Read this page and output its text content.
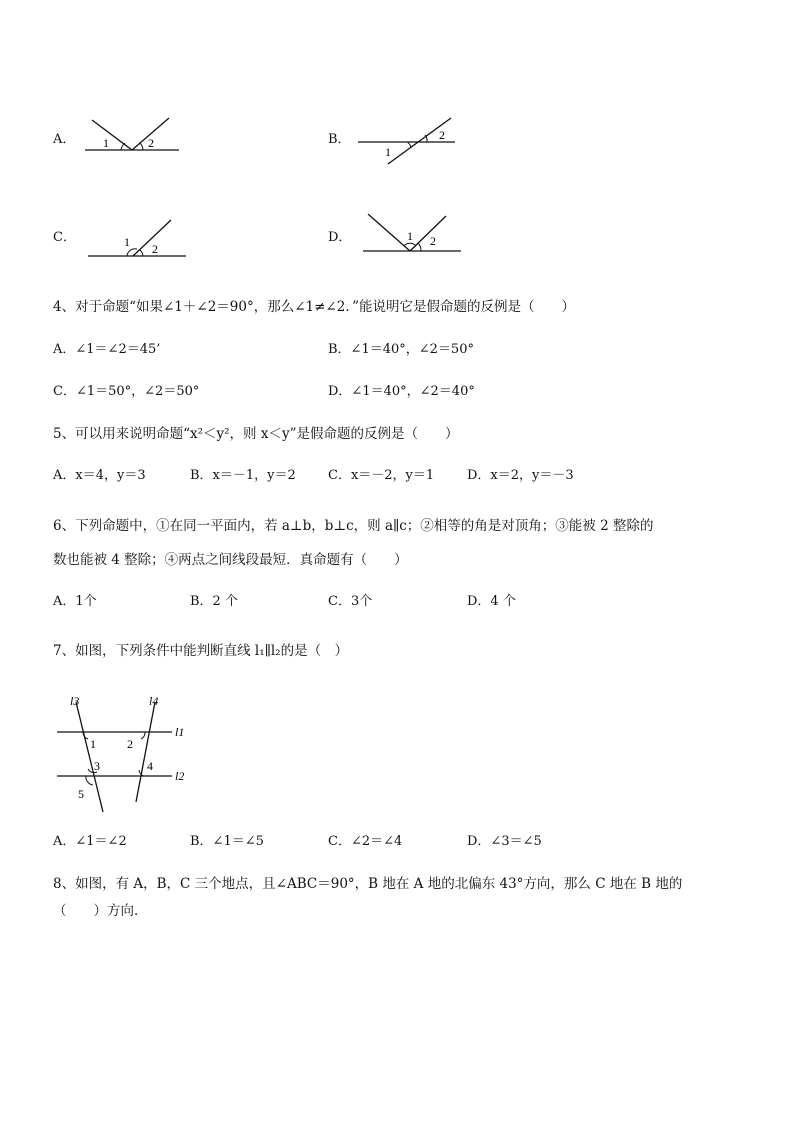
A． 1	2	B．	2
1
C．	1 2
D．	1 2
4、对于命题“如果∠1＋∠2＝90°，那么∠1≠∠2．”能说明它是假命题的反例是（　　）
A．∠1＝∠2＝45’	B．∠1＝40°，∠2＝50°
C．∠1＝50°，∠2＝50°	D．∠1＝40°，∠2＝40°
5、可以用来说明命题“x²＜y²，则 x＜y”是假命题的反例是（　　）
A．x＝4，y＝3	B．x＝－1，y＝2 C．x＝－2，y＝1	D．x＝2，y＝－3
6、下列命题中，①在同一平面内，若 a⊥b，b⊥c，则 a∥c；②相等的角是对顶角；③能被 2 整除的
数也能被 4 整除；④两点之间线段最短．真命题有（　　）
A．1个	B．2 个	C．3个	D．4 个
7、如图，下列条件中能判断直线 l₁∥l₂的是（　）
l3	l4
l1
l2
1	2
3	4
5
A．∠1＝∠2	B．∠1＝∠5	C．∠2＝∠4	D．∠3＝∠5
8、如图，有 A，B，C 三个地点，且∠ABC＝90°，B 地在 A 地的北偏东 43°方向，那么 C 地在 B 地的
（　　）方向．
